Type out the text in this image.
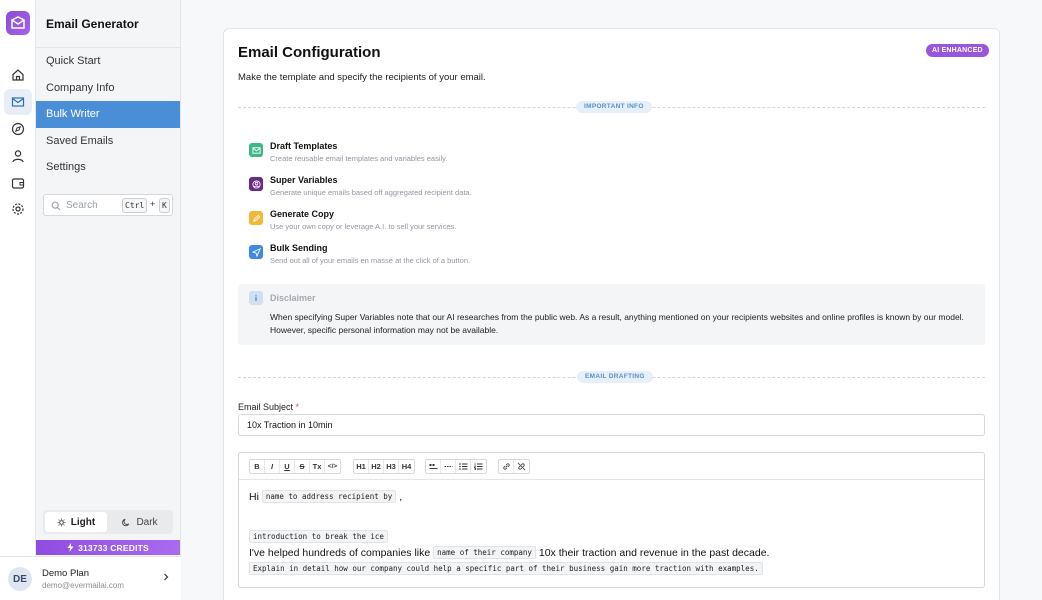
Email Generator
Quick Start
Company Info
Bulk Writer
Saved Emails
Settings
Search	Ctrl + K
Light	Dark
313733 CREDITS
DE	Demo Plan
demo@evermailai.com
Email Configuration	AI ENHANCED
Make the template and specify the recipients of your email.
IMPORTANT INFO
Draft Templates
Create reusable email templates and variables easily.
Super Variables
Generate unique emails based off aggregated recipient data.
Generate Copy
Use your own copy or leverage A.I. to sell your services.
Bulk Sending
Send out all of your emails en masse at the click of a button.
i	Disclaimer
When specifying Super Variables note that our AI researches from the public web. As a result, anything mentioned on your recipients websites and online profiles is known by our model. However, specific personal information may not be available.
EMAIL DRAFTING
Email Subject *
10x Traction in 10min
B	I	U	S	Tx </>	H1 H2 H3 H4
Hi name to address recipient by ,
introduction to break the ice
I've helped hundreds of companies like name of their company 10x their traction and revenue in the past decade.
Explain in detail how our company could help a specific part of their business gain more traction with examples.
